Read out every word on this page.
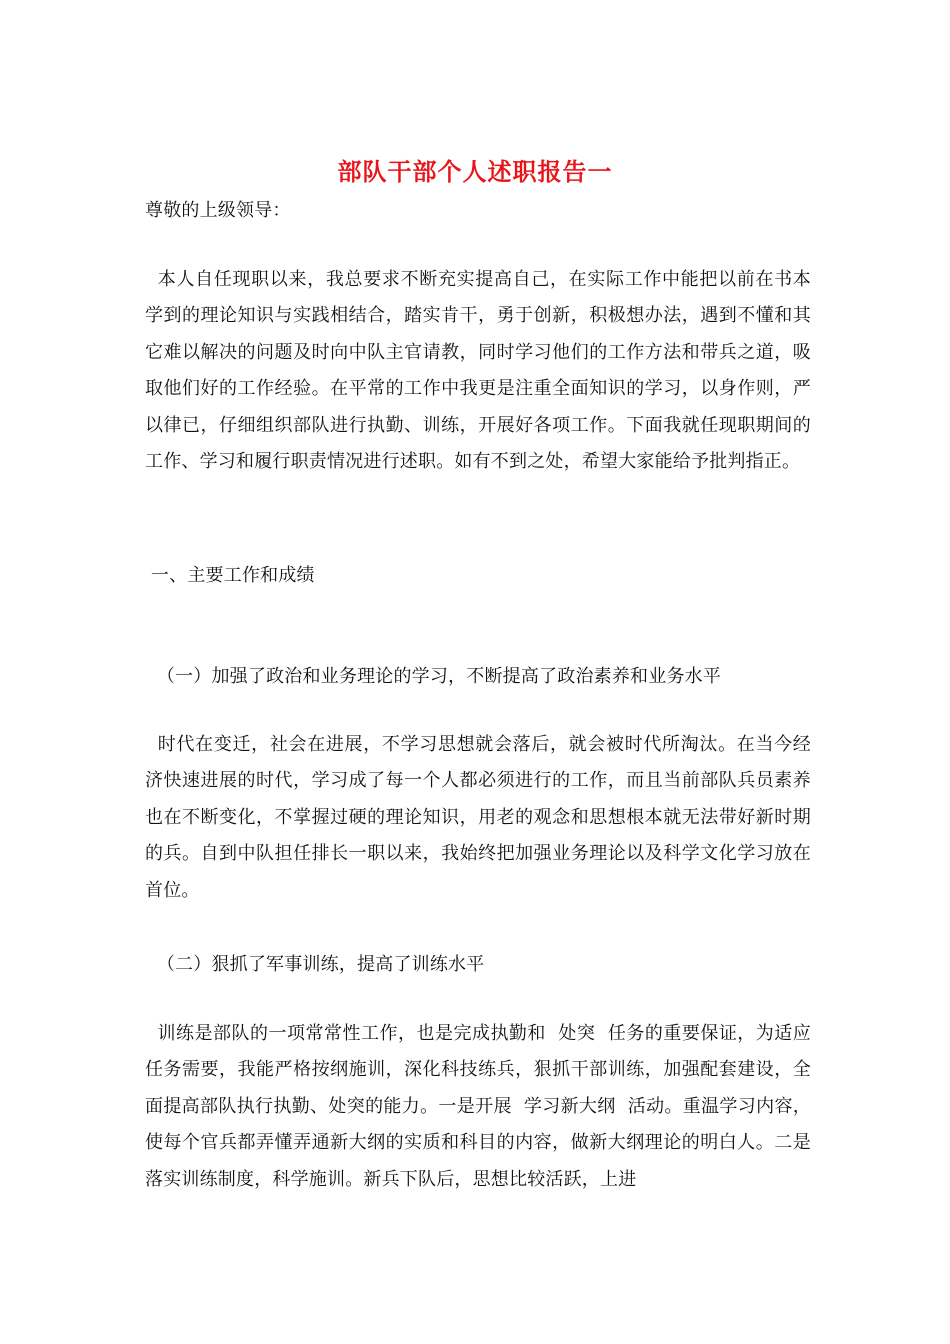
部队干部个人述职报告一
尊敬的上级领导：
本人自任现职以来，我总要求不断充实提高自己，在实际工作中能把以前在书本学到的理论知识与实践相结合，踏实肯干，勇于创新，积极想办法，遇到不懂和其它难以解决的问题及时向中队主官请教，同时学习他们的工作方法和带兵之道，吸取他们好的工作经验。在平常的工作中我更是注重全面知识的学习，以身作则，严以律已，仔细组织部队进行执勤、训练，开展好各项工作。下面我就任现职期间的工作、学习和履行职责情况进行述职。如有不到之处，希望大家能给予批判指正。
一、主要工作和成绩
（一）加强了政治和业务理论的学习，不断提高了政治素养和业务水平
时代在变迁，社会在进展，不学习思想就会落后，就会被时代所淘汰。在当今经济快速进展的时代，学习成了每一个人都必须进行的工作，而且当前部队兵员素养也在不断变化，不掌握过硬的理论知识，用老的观念和思想根本就无法带好新时期的兵。自到中队担任排长一职以来，我始终把加强业务理论以及科学文化学习放在首位。
（二）狠抓了军事训练，提高了训练水平
训练是部队的一项常常性工作，也是完成执勤和  处突  任务的重要保证，为适应任务需要，我能严格按纲施训，深化科技练兵，狠抓干部训练，加强配套建设，全面提高部队执行执勤、处突的能力。一是开展  学习新大纲  活动。重温学习内容，使每个官兵都弄懂弄通新大纲的实质和科目的内容，做新大纲理论的明白人。二是落实训练制度，科学施训。新兵下队后，思想比较活跃，上进
